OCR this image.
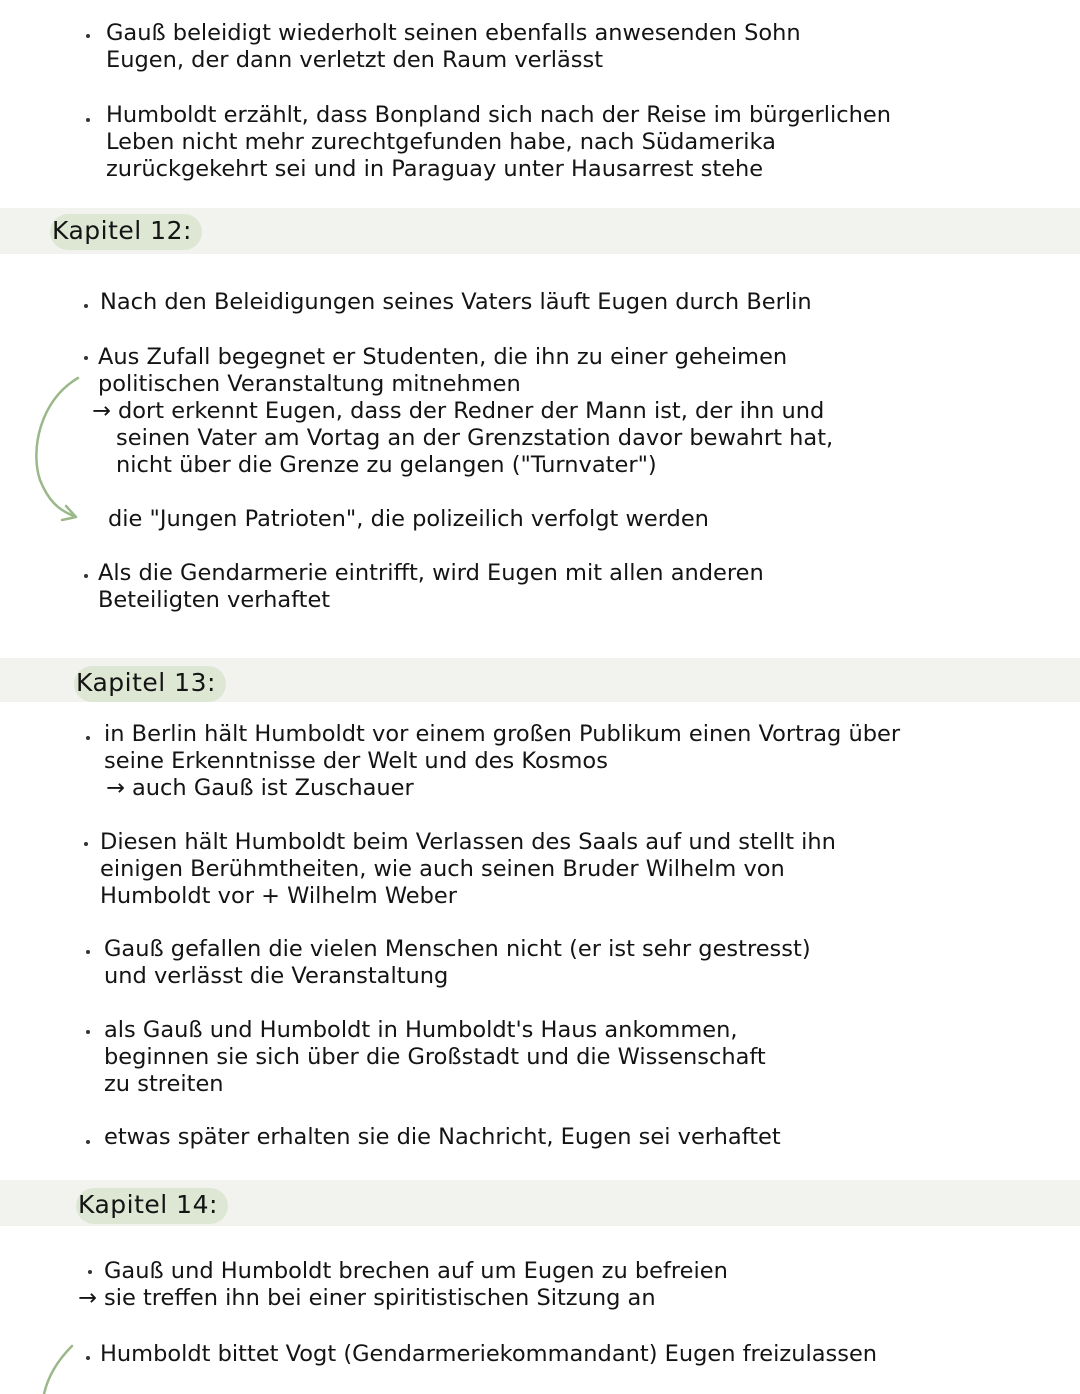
Gauß beleidigt wiederholt seinen ebenfalls anwesenden Sohn
Eugen, der dann verletzt den Raum verlässt
Humboldt erzählt, dass Bonpland sich nach der Reise im bürgerlichen
Leben nicht mehr zurechtgefunden habe, nach Südamerika
zurückgekehrt sei und in Paraguay unter Hausarrest stehe
Kapitel 12:
Nach den Beleidigungen seines Vaters läuft Eugen durch Berlin
Aus Zufall begegnet er Studenten, die ihn zu einer geheimen
politischen Veranstaltung mitnehmen
→ dort erkennt Eugen, dass der Redner der Mann ist, der ihn und
seinen Vater am Vortag an der Grenzstation davor bewahrt hat,
nicht über die Grenze zu gelangen ("Turnvater")
die "Jungen Patrioten", die polizeilich verfolgt werden
Als die Gendarmerie eintrifft, wird Eugen mit allen anderen
Beteiligten verhaftet
Kapitel 13:
in Berlin hält Humboldt vor einem großen Publikum einen Vortrag über
seine Erkenntnisse der Welt und des Kosmos
→ auch Gauß ist Zuschauer
Diesen hält Humboldt beim Verlassen des Saals auf und stellt ihn
einigen Berühmtheiten, wie auch seinen Bruder Wilhelm von
Humboldt vor + Wilhelm Weber
Gauß gefallen die vielen Menschen nicht (er ist sehr gestresst)
und verlässt die Veranstaltung
als Gauß und Humboldt in Humboldt's Haus ankommen,
beginnen sie sich über die Großstadt und die Wissenschaft
zu streiten
etwas später erhalten sie die Nachricht, Eugen sei verhaftet
Kapitel 14:
Gauß und Humboldt brechen auf um Eugen zu befreien
→ sie treffen ihn bei einer spiritistischen Sitzung an
Humboldt bittet Vogt (Gendarmeriekommandant) Eugen freizulassen
